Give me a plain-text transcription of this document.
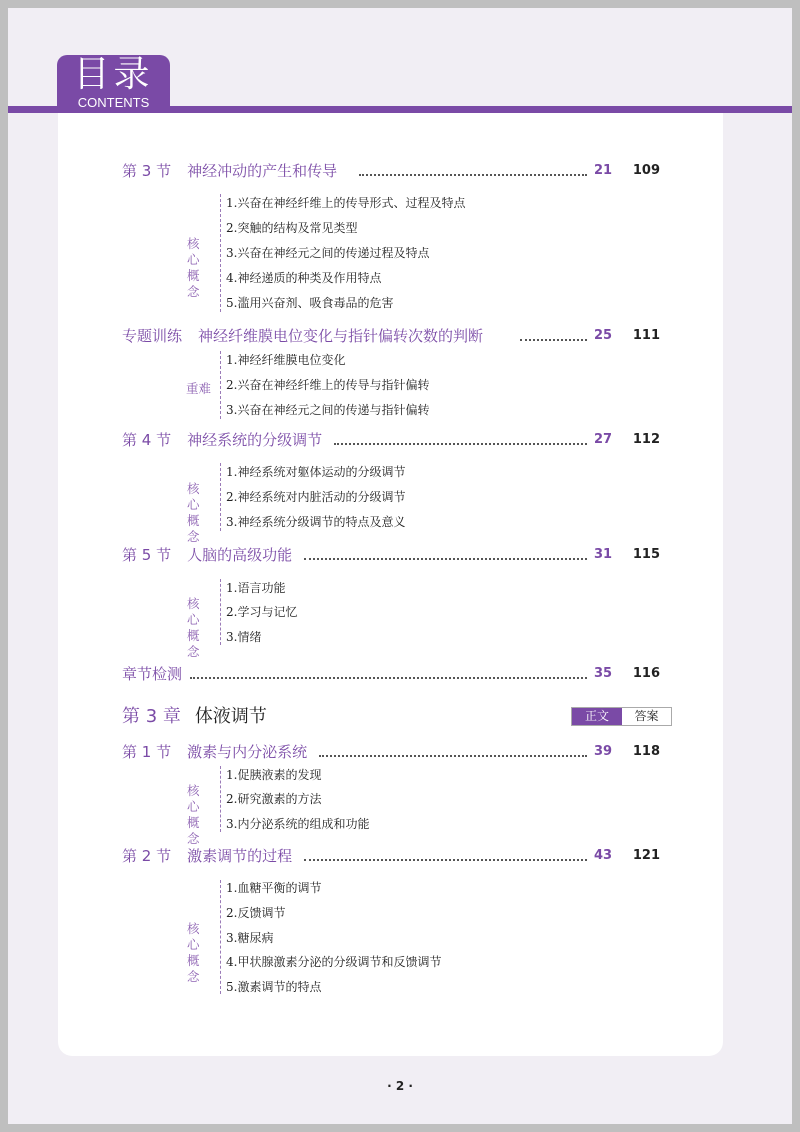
目录
CONTENTS
第 3 节 神经冲动的产生和传导	21 109
核心概念
1.兴奋在神经纤维上的传导形式、过程及特点
2.突触的结构及常见类型
3.兴奋在神经元之间的传递过程及特点
4.神经递质的种类及作用特点
5.滥用兴奋剂、吸食毒品的危害
专题训练 神经纤维膜电位变化与指针偏转次数的判断	25 111
重难
1.神经纤维膜电位变化
2.兴奋在神经纤维上的传导与指针偏转
3.兴奋在神经元之间的传递与指针偏转
第 4 节 神经系统的分级调节	27 112
核心概念
1.神经系统对躯体运动的分级调节
2.神经系统对内脏活动的分级调节
3.神经系统分级调节的特点及意义
第 5 节 人脑的高级功能	31 115
核心概念
1.语言功能
2.学习与记忆
3.情绪
章节检测	35 116
第 3 章 体液调节	正文	答案
第 1 节 激素与内分泌系统	39 118
核心概念
1.促胰液素的发现
2.研究激素的方法
3.内分泌系统的组成和功能
第 2 节 激素调节的过程	43 121
核心概念
1.血糖平衡的调节
2.反馈调节
3.糖尿病
4.甲状腺激素分泌的分级调节和反馈调节
5.激素调节的特点
· 2 ·
